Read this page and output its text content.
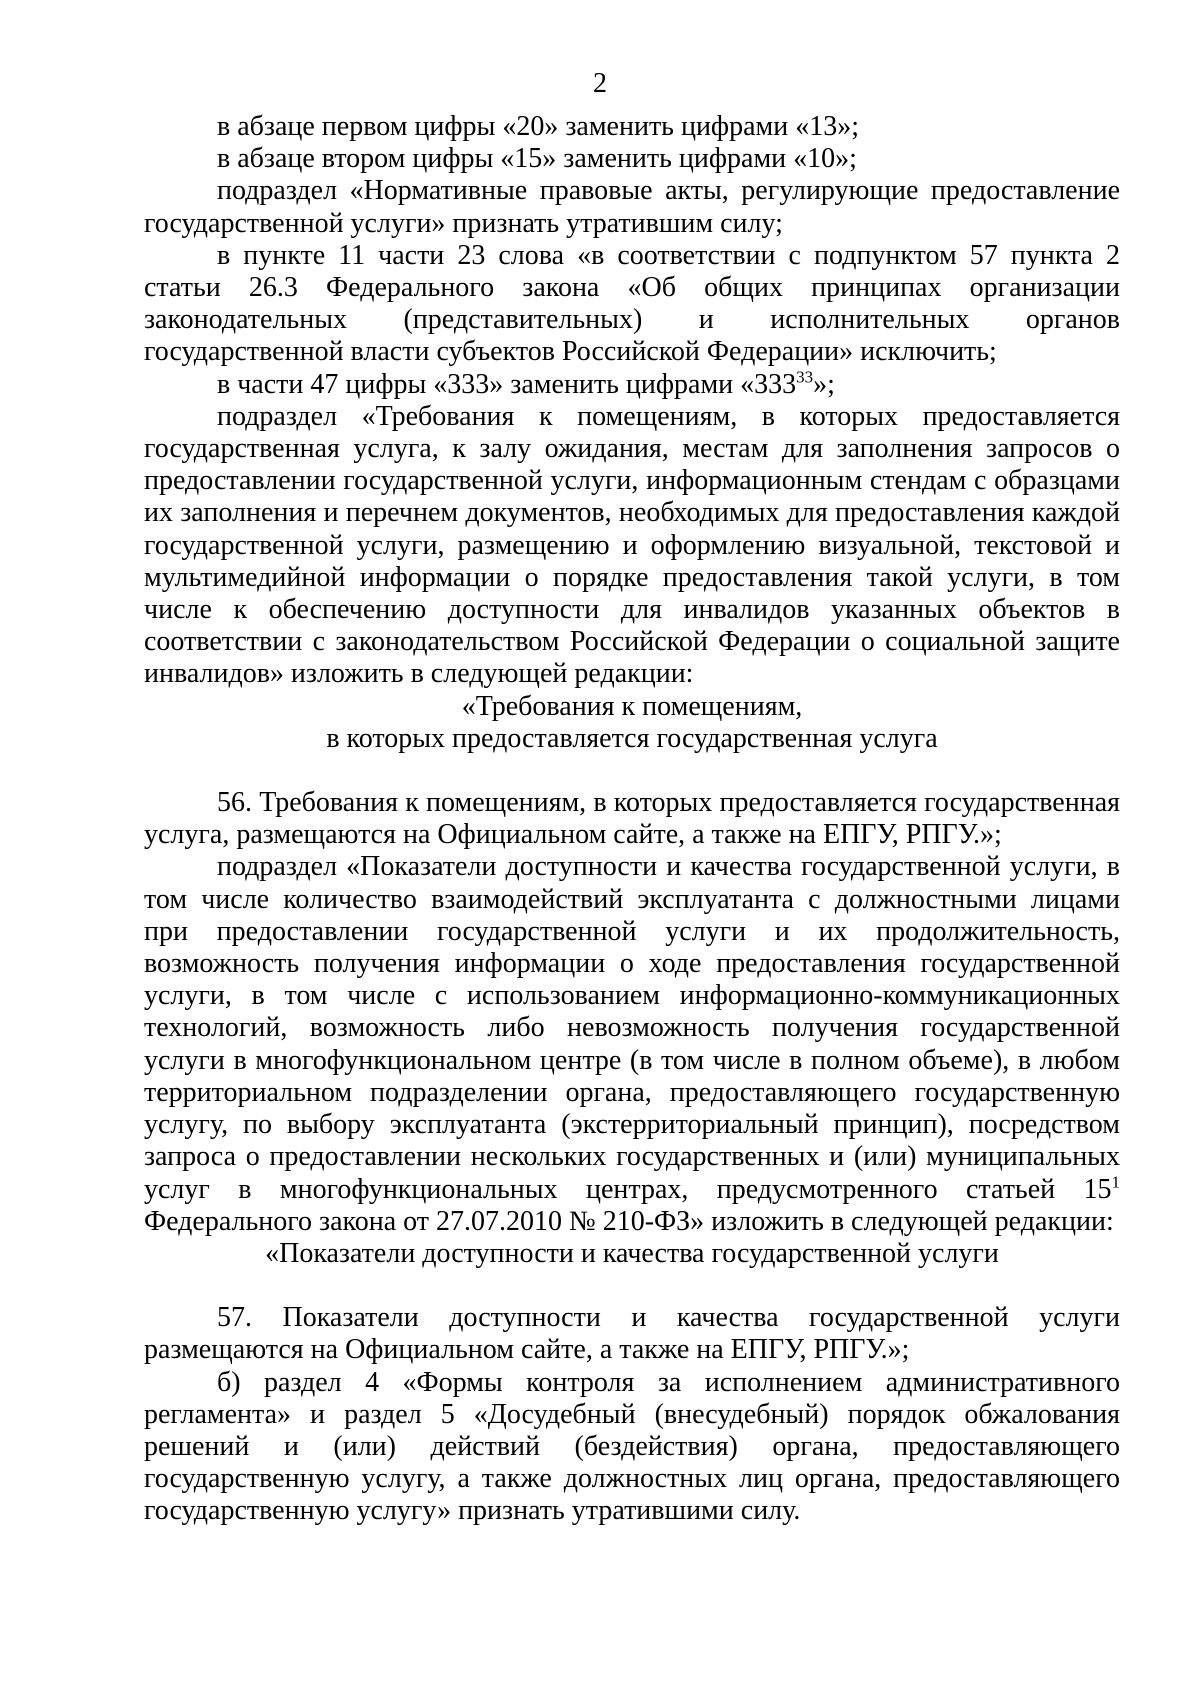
2

в абзаце первом цифры «20» заменить цифрами «13»;

в абзаце втором цифры «15» заменить цифрами «10»;

подраздел «Нормативные правовые акты, регулирующие предоставление государственной услуги» признать утратившим силу;

в пункте 11 части 23 слова «в соответствии с подпунктом 57 пункта 2 статьи 26.3 Федерального закона «Об общих принципах организации законодательных (представительных) и исполнительных органов государственной власти субъектов Российской Федерации» исключить;

в части 47 цифры «333» заменить цифрами «$333^{33}$»;

подраздел «Требования к помещениям, в которых предоставляется государственная услуга, к залу ожидания, местам для заполнения запросов о предоставлении государственной услуги, информационным стендам с образцами их заполнения и перечнем документов, необходимых для предоставления каждой государственной услуги, размещению и оформлению визуальной, текстовой и мультимедийной информации о порядке предоставления такой услуги, в том числе к обеспечению доступности для инвалидов указанных объектов в соответствии с законодательством Российской Федерации о социальной защите инвалидов» изложить в следующей редакции:

«Требования к помещениям,

в которых предоставляется государственная услуга

56. Требования к помещениям, в которых предоставляется государственная услуга, размещаются на Официальном сайте, а также на ЕПГУ, РПГУ.»;

подраздел «Показатели доступности и качества государственной услуги, в том числе количество взаимодействий эксплуатанта с должностными лицами при предоставлении государственной услуги и их продолжительность, возможность получения информации о ходе предоставления государственной услуги, в том числе с использованием информационно-коммуникационных технологий, возможность либо невозможность получения государственной услуги в многофункциональном центре (в том числе в полном объеме), в любом территориальном подразделении органа, предоставляющего государственную услугу, по выбору эксплуатанта (экстерриториальный принцип), посредством запроса о предоставлении нескольких государственных и (или) муниципальных услуг в многофункциональных центрах, предусмотренного статьей $15^1$ Федерального закона от 27.07.2010 № 210-ФЗ» изложить в следующей редакции:

«Показатели доступности и качества государственной услуги

57. Показатели доступности и качества государственной услуги размещаются на Официальном сайте, а также на ЕПГУ, РПГУ.»;

б) раздел 4 «Формы контроля за исполнением административного регламента» и раздел 5 «Досудебный (внесудебный) порядок обжалования решений и (или) действий (бездействия) органа, предоставляющего государственную услугу, а также должностных лиц органа, предоставляющего государственную услугу» признать утратившими силу.
